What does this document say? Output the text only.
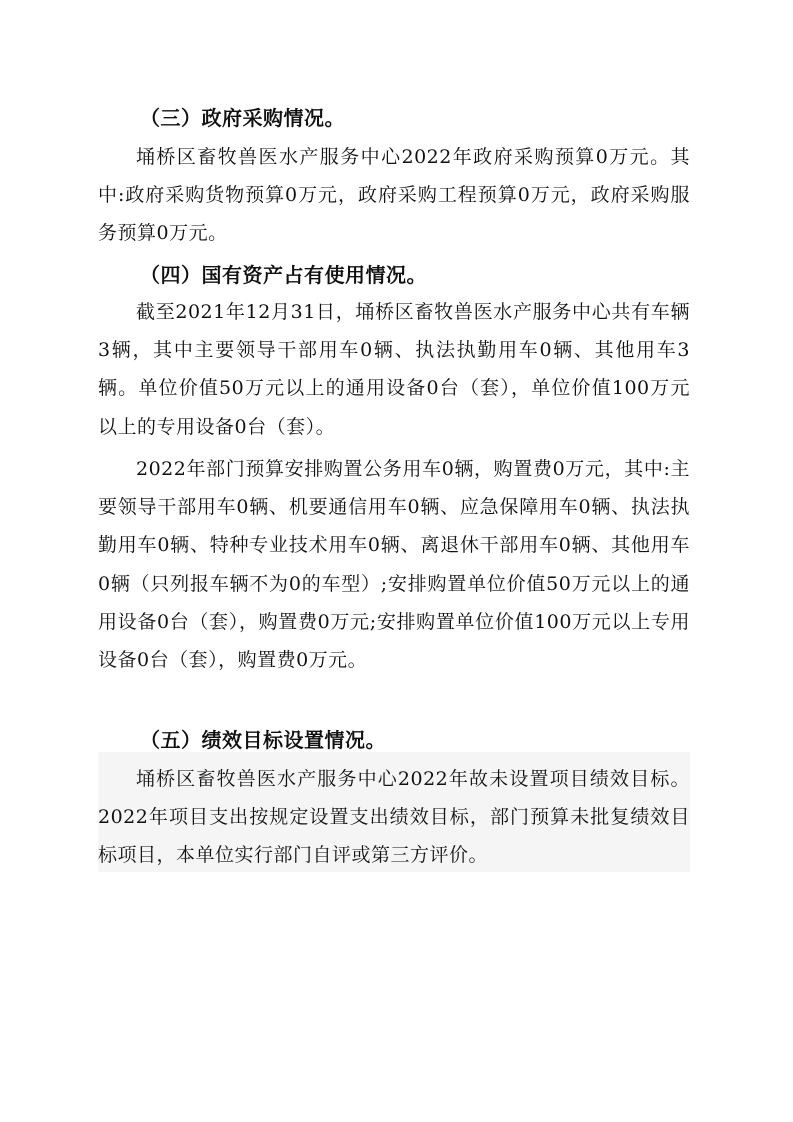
（三）政府采购情况。

埇桥区畜牧兽医水产服务中心2022年政府采购预算0万元。其中:政府采购货物预算0万元，政府采购工程预算0万元，政府采购服务预算0万元。

（四）国有资产占有使用情况。

截至2021年12月31日，埇桥区畜牧兽医水产服务中心共有车辆3辆，其中主要领导干部用车0辆、执法执勤用车0辆、其他用车3辆。单位价值50万元以上的通用设备0台（套），单位价值100万元以上的专用设备0台（套）。

2022年部门预算安排购置公务用车0辆，购置费0万元，其中:主要领导干部用车0辆、机要通信用车0辆、应急保障用车0辆、执法执勤用车0辆、特种专业技术用车0辆、离退休干部用车0辆、其他用车0辆（只列报车辆不为0的车型）;安排购置单位价值50万元以上的通用设备0台（套），购置费0万元;安排购置单位价值100万元以上专用设备0台（套），购置费0万元。

（五）绩效目标设置情况。

埇桥区畜牧兽医水产服务中心2022年故未设置项目绩效目标。2022年项目支出按规定设置支出绩效目标，部门预算未批复绩效目标项目，本单位实行部门自评或第三方评价。
